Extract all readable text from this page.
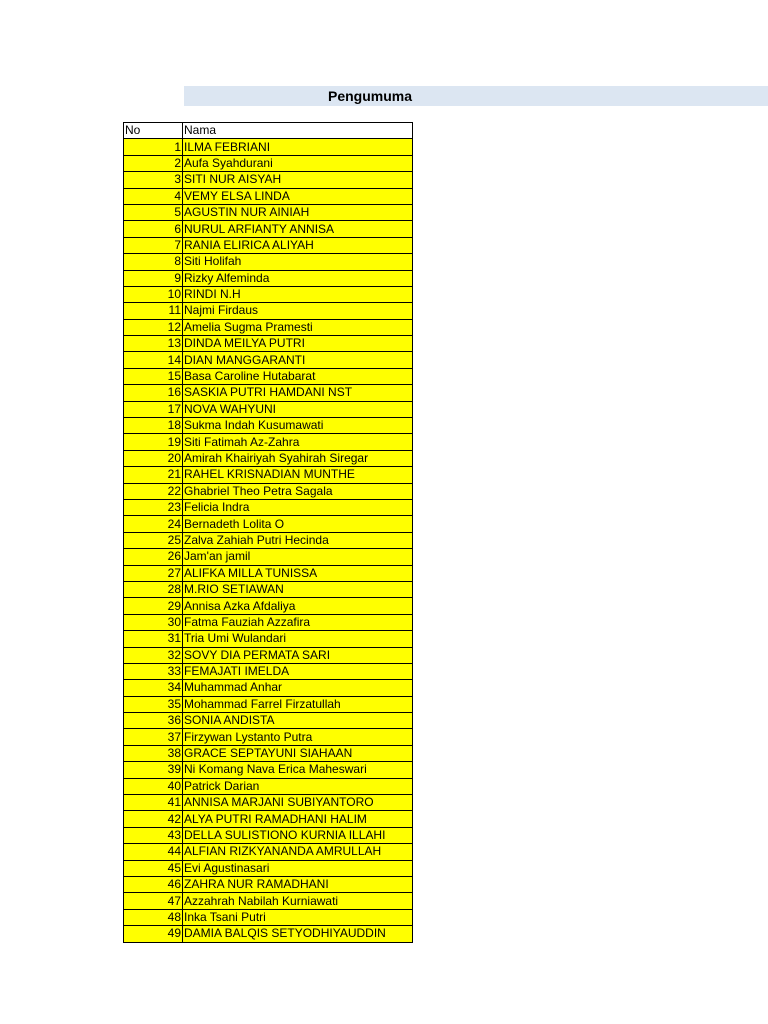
Pengumuma
No	Nama
1	ILMA FEBRIANI
2	Aufa Syahdurani
3	SITI NUR AISYAH
4	VEMY ELSA LINDA
5	AGUSTIN NUR AINIAH
6	NURUL ARFIANTY ANNISA
7	RANIA ELIRICA ALIYAH
8	Siti Holifah
9	Rizky Alfeminda
10	RINDI N.H
11	Najmi Firdaus
12	Amelia Sugma Pramesti
13	DINDA MEILYA PUTRI
14	DIAN MANGGARANTI
15	Basa Caroline Hutabarat
16	SASKIA PUTRI HAMDANI NST
17	NOVA WAHYUNI
18	Sukma Indah Kusumawati
19	Siti Fatimah Az-Zahra
20	Amirah Khairiyah Syahirah Siregar
21	RAHEL KRISNADIAN MUNTHE
22	Ghabriel Theo Petra Sagala
23	Felicia Indra
24	Bernadeth Lolita O
25	Zalva Zahiah Putri Hecinda
26	Jam'an jamil
27	ALIFKA MILLA TUNISSA
28	M.RIO SETIAWAN
29	Annisa Azka Afdaliya
30	Fatma Fauziah Azzafira
31	Tria Umi Wulandari
32	SOVY DIA PERMATA SARI
33	FEMAJATI IMELDA
34	Muhammad Anhar
35	Mohammad Farrel Firzatullah
36	SONIA ANDISTA
37	Firzywan Lystanto Putra
38	GRACE SEPTAYUNI SIAHAAN
39	Ni Komang Nava Erica Maheswari
40	Patrick Darian
41	ANNISA MARJANI SUBIYANTORO
42	ALYA PUTRI RAMADHANI HALIM
43	DELLA SULISTIONO KURNIA ILLAHI
44	ALFIAN RIZKYANANDA AMRULLAH
45	Evi Agustinasari
46	ZAHRA NUR RAMADHANI
47	Azzahrah Nabilah Kurniawati
48	Inka Tsani Putri
49	DAMIA BALQIS SETYODHIYAUDDIN
